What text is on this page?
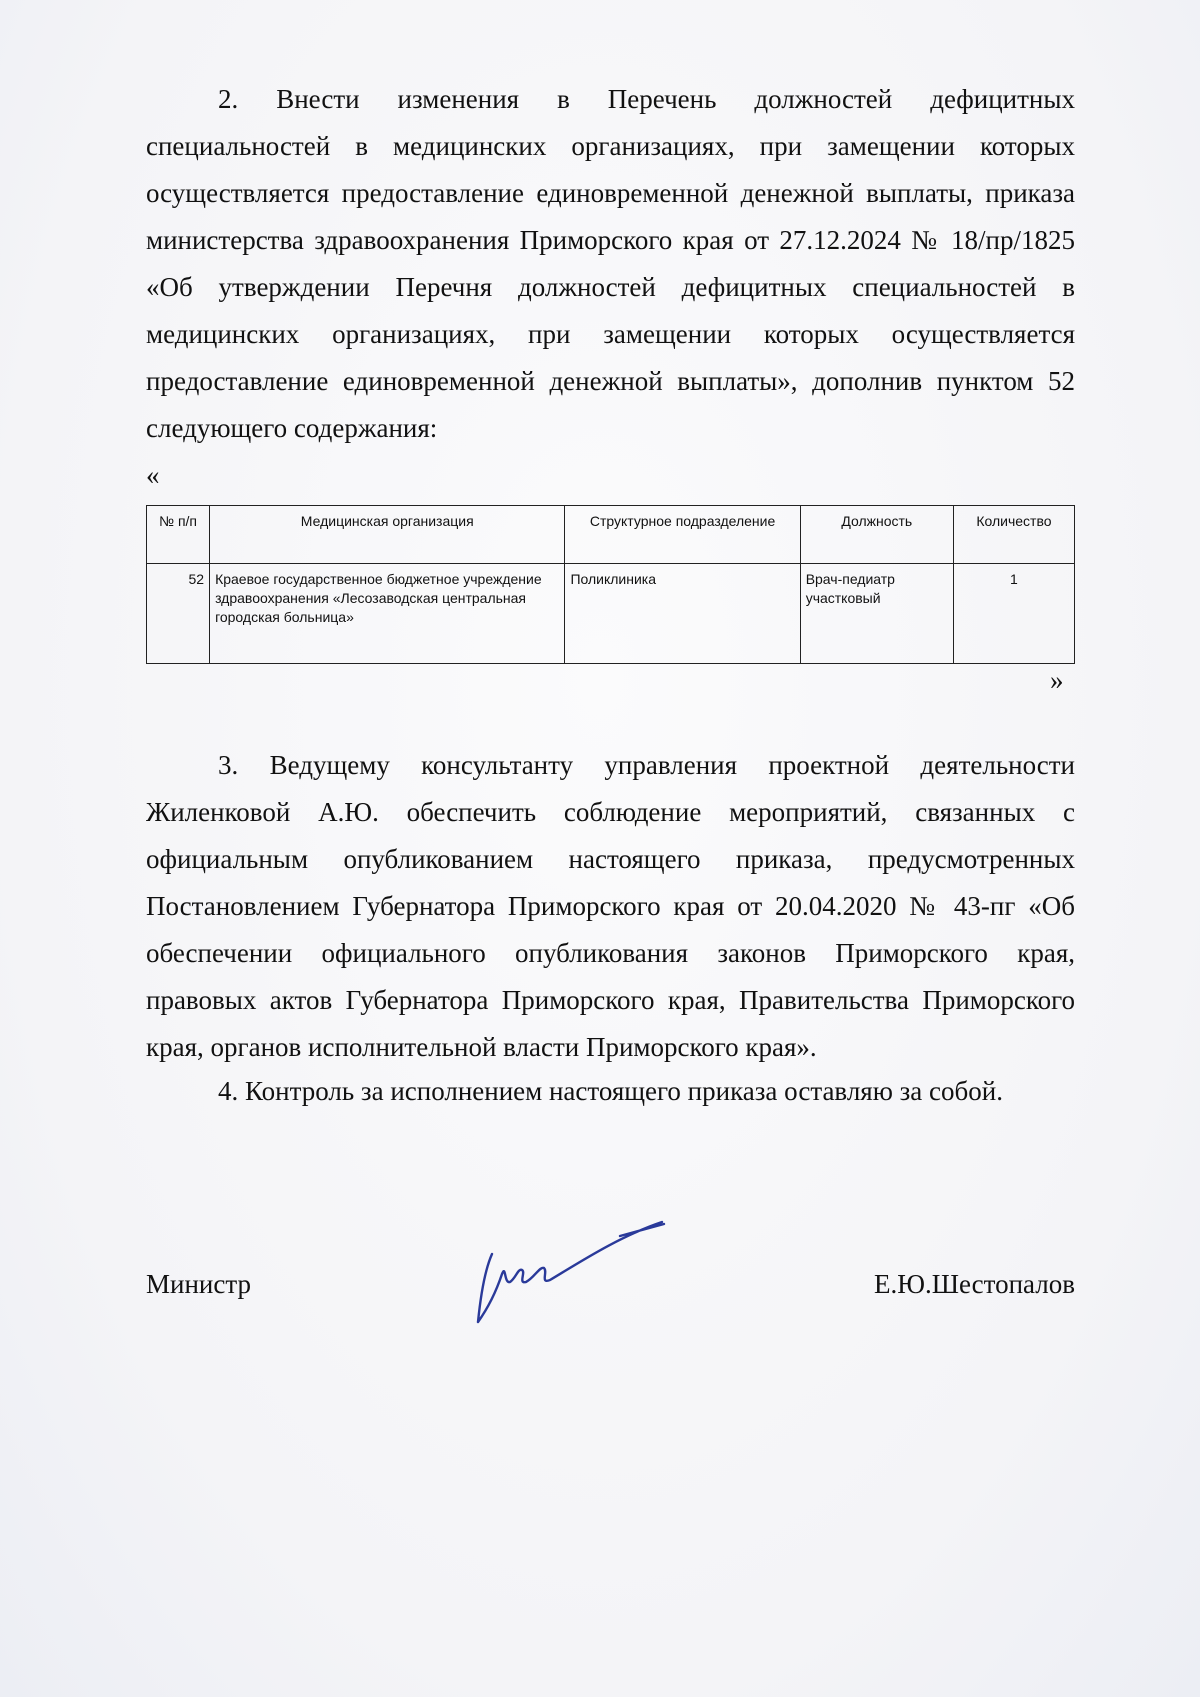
2. Внести изменения в Перечень должностей дефицитных специальностей в медицинских организациях, при замещении которых осуществляется предоставление единовременной денежной выплаты, приказа министерства здравоохранения Приморского края от 27.12.2024 № 18/пр/1825 «Об утверждении Перечня должностей дефицитных специальностей в медицинских организациях, при замещении которых осуществляется предоставление единовременной денежной выплаты», дополнив пунктом 52 следующего содержания:

«
№ п/п	Медицинская организация	Структурное подразделение	Должность	Количество
52	Краевое государственное бюджетное учреждение здравоохранения «Лесозаводская центральная городская больница»	Поликлиника	Врач-педиатр участковый	1
»

3. Ведущему консультанту управления проектной деятельности Жиленковой А.Ю. обеспечить соблюдение мероприятий, связанных с официальным опубликованием настоящего приказа, предусмотренных Постановлением Губернатора Приморского края от 20.04.2020 № 43-пг «Об обеспечении официального опубликования законов Приморского края, правовых актов Губернатора Приморского края, Правительства Приморского края, органов исполнительной власти Приморского края».

4. Контроль за исполнением настоящего приказа оставляю за собой.

Министр	Е.Ю.Шестопалов
